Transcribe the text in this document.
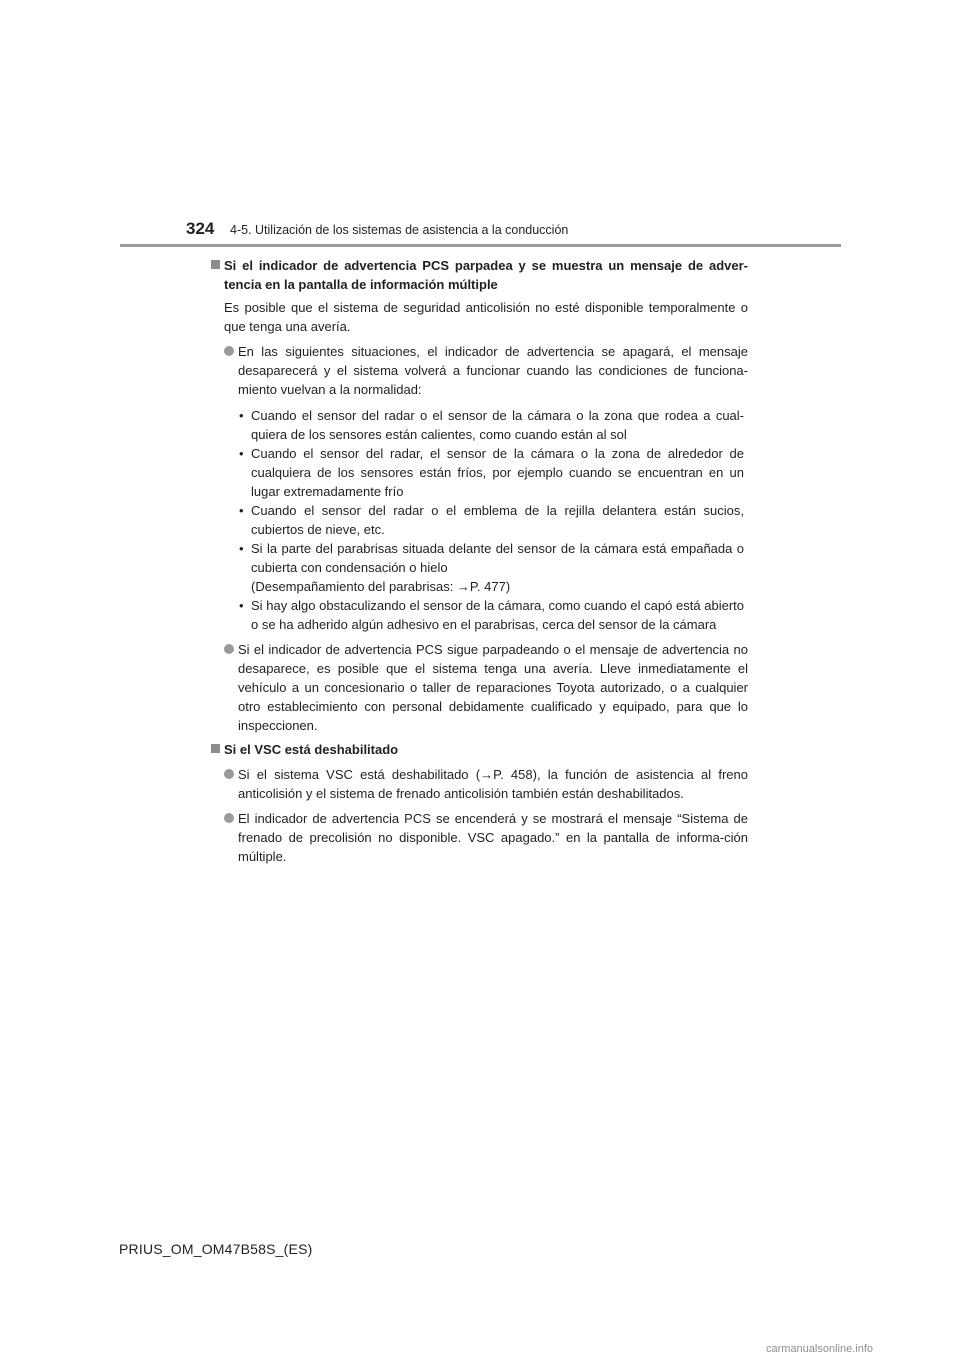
324 4-5. Utilización de los sistemas de asistencia a la conducción
Si el indicador de advertencia PCS parpadea y se muestra un mensaje de adver-tencia en la pantalla de información múltiple
Es posible que el sistema de seguridad anticolisión no esté disponible temporalmente o que tenga una avería.
En las siguientes situaciones, el indicador de advertencia se apagará, el mensaje desaparecerá y el sistema volverá a funcionar cuando las condiciones de funciona-miento vuelvan a la normalidad:
• Cuando el sensor del radar o el sensor de la cámara o la zona que rodea a cual-quiera de los sensores están calientes, como cuando están al sol
• Cuando el sensor del radar, el sensor de la cámara o la zona de alrededor de cualquiera de los sensores están fríos, por ejemplo cuando se encuentran en un lugar extremadamente frío
• Cuando el sensor del radar o el emblema de la rejilla delantera están sucios, cubiertos de nieve, etc.
• Si la parte del parabrisas situada delante del sensor de la cámara está empañada o cubierta con condensación o hielo
(Desempañamiento del parabrisas: →P. 477)
• Si hay algo obstaculizando el sensor de la cámara, como cuando el capó está abierto o se ha adherido algún adhesivo en el parabrisas, cerca del sensor de la cámara
Si el indicador de advertencia PCS sigue parpadeando o el mensaje de advertencia no desaparece, es posible que el sistema tenga una avería. Lleve inmediatamente el vehículo a un concesionario o taller de reparaciones Toyota autorizado, o a cualquier otro establecimiento con personal debidamente cualificado y equipado, para que lo inspeccionen.
Si el VSC está deshabilitado
Si el sistema VSC está deshabilitado (→P. 458), la función de asistencia al freno anticolisión y el sistema de frenado anticolisión también están deshabilitados.
El indicador de advertencia PCS se encenderá y se mostrará el mensaje “Sistema de frenado de precolisión no disponible. VSC apagado.” en la pantalla de informa-ción múltiple.
PRIUS_OM_OM47B58S_(ES)
carmanualsonline.info
